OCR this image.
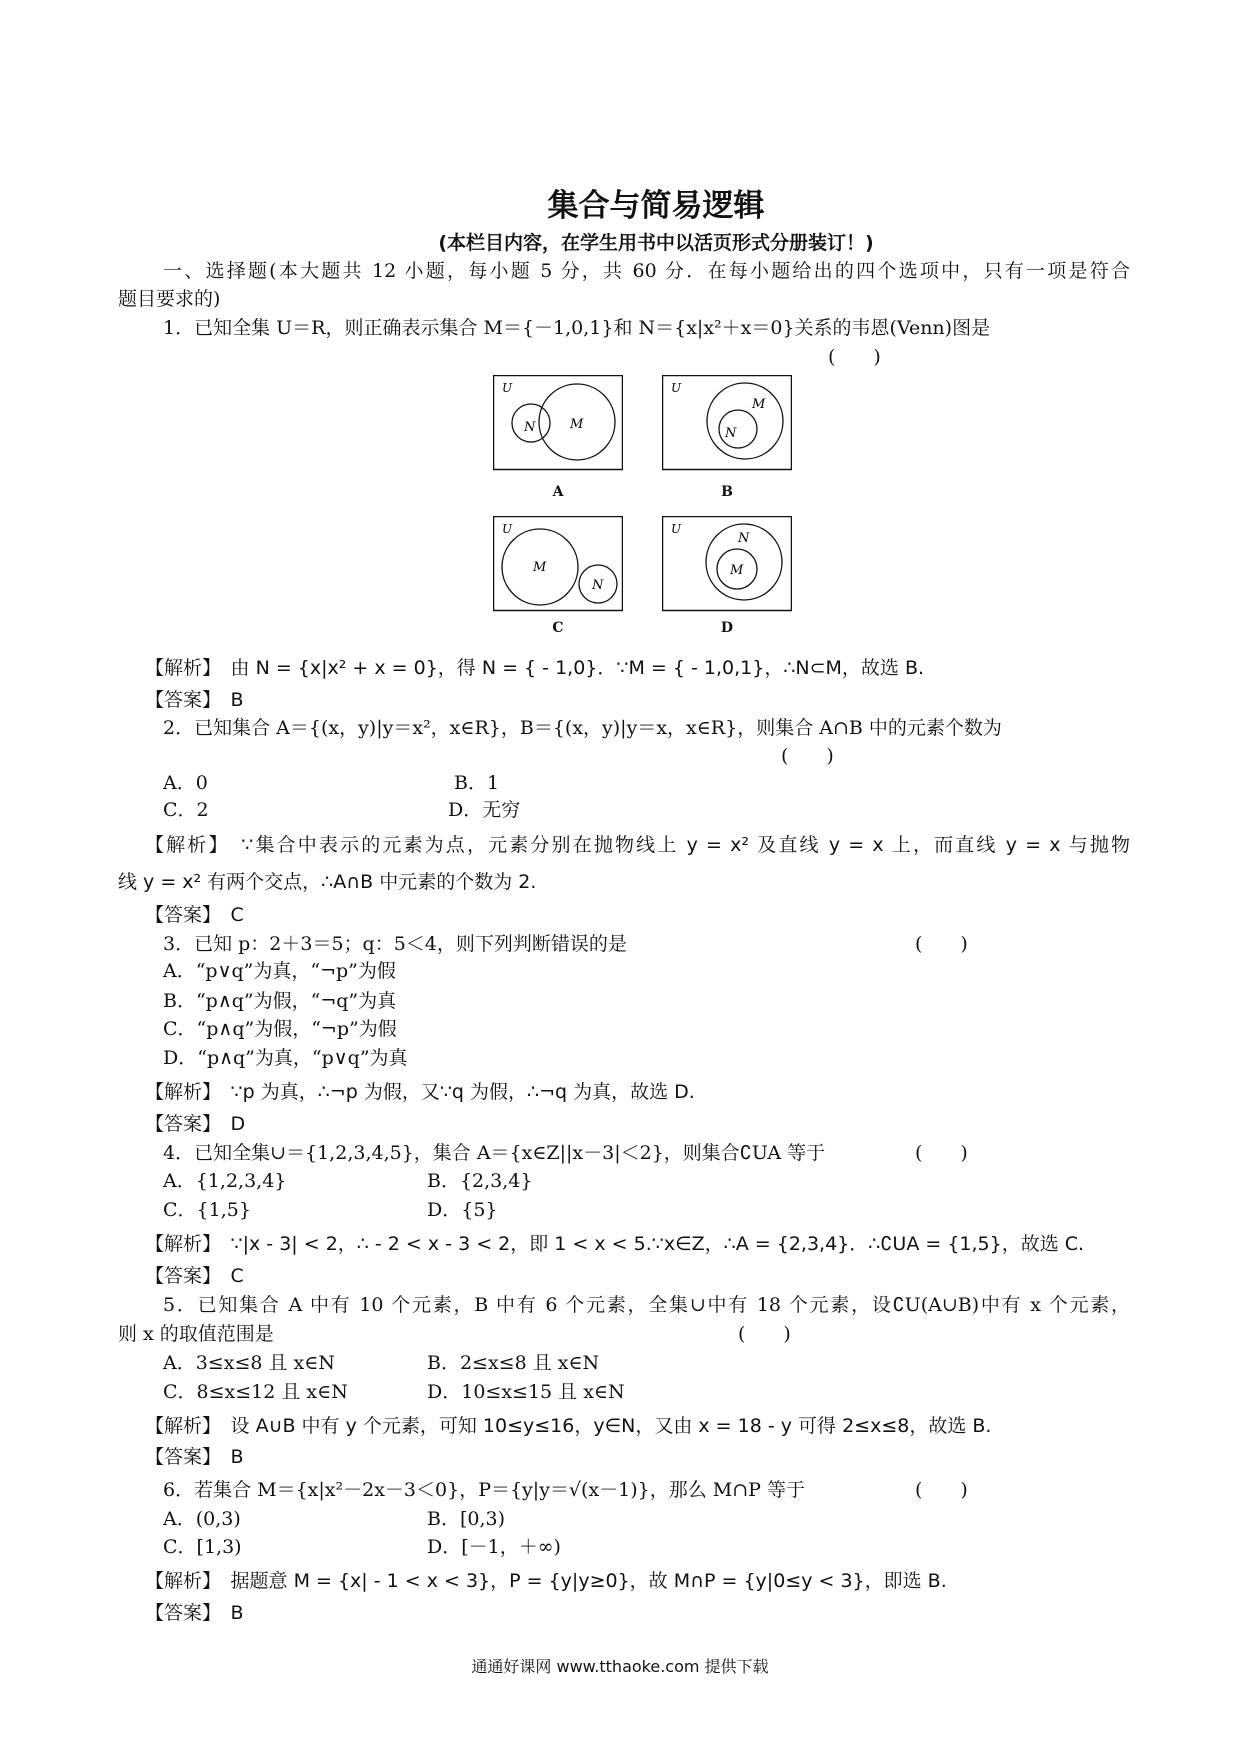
集合与简易逻辑
(本栏目内容，在学生用书中以活页形式分册装订！)
一、选择题(本大题共 12 小题，每小题 5 分，共 60 分．在每小题给出的四个选项中，只有一项是符合
题目要求的)
1．已知全集 U＝R，则正确表示集合 M＝{－1,0,1}和 N＝{x|x²＋x＝0}关系的韦恩(Venn)图是
(　　)
U
N	M
U
M
N
A	B
U
M
N
U
N
M
C	D
【解析】　 由 N = {x|x² + x = 0}，得 N = { - 1,0}．∵M = { - 1,0,1}，∴N⊂M，故选 B.
【答案】　 B
2．已知集合 A＝{(x，y)|y＝x²，x∈R}，B＝{(x，y)|y＝x，x∈R}，则集合 A∩B 中的元素个数为
(　　)
A．0	B．1
C．2	D．无穷
【解析】　 ∵集合中表示的元素为点，元素分别在抛物线上 y = x² 及直线 y = x 上，而直线 y = x 与抛物
线 y = x² 有两个交点，∴A∩B 中元素的个数为 2.
【答案】　 C
3．已知 p：2＋3＝5；q：5＜4，则下列判断错误的是	(　　)
A．“p∨q”为真，“¬p”为假
B．“p∧q”为假，“¬q”为真
C．“p∧q”为假，“¬p”为假
D．“p∧q”为真，“p∨q”为真
【解析】　 ∵p 为真，∴¬p 为假，又∵q 为假，∴¬q 为真，故选 D.
【答案】　 D
4．已知全集∪＝{1,2,3,4,5}，集合 A＝{x∈Z||x－3|＜2}，则集合∁UA 等于	(　　)
A．{1,2,3,4}	B．{2,3,4}
C．{1,5}	D．{5}
【解析】　 ∵|x - 3| < 2，∴ - 2 < x - 3 < 2，即 1 < x < 5.∵x∈Z，∴A = {2,3,4}．∴∁UA = {1,5}，故选 C.
【答案】　 C
5．已知集合 A 中有 10 个元素，B 中有 6 个元素，全集∪中有 18 个元素，设∁U(A∪B)中有 x 个元素，
则 x 的取值范围是	(　　)
A．3≤x≤8 且 x∈N	B．2≤x≤8 且 x∈N
C．8≤x≤12 且 x∈N	D．10≤x≤15 且 x∈N
【解析】　 设 A∪B 中有 y 个元素，可知 10≤y≤16，y∈N，又由 x = 18 - y 可得 2≤x≤8，故选 B.
【答案】　 B
6．若集合 M＝{x|x²－2x－3＜0}，P＝{y|y＝√(x－1)}，那么 M∩P 等于	(　　)
A．(0,3)	B．[0,3)
C．[1,3)	D．[－1，＋∞)
【解析】　 据题意 M = {x| - 1 < x < 3}，P = {y|y≥0}，故 M∩P = {y|0≤y < 3}，即选 B.
【答案】　 B
通通好课网 www.tthaoke.com 提供下载
